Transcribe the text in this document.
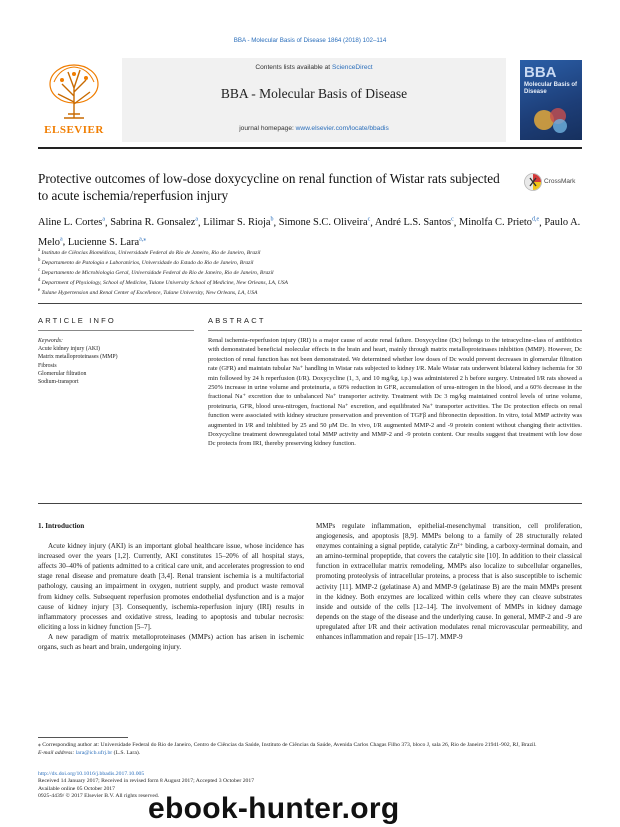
BBA - Molecular Basis of Disease 1864 (2018) 102–114
ELSEVIER
Contents lists available at ScienceDirect
BBA - Molecular Basis of Disease
journal homepage: www.elsevier.com/locate/bbadis
BBA
Molecular Basis of Disease
Protective outcomes of low-dose doxycycline on renal function of Wistar rats subjected to acute ischemia/reperfusion injury
CrossMark
Aline L. Cortes$^a$, Sabrina R. Gonsalez$^a$, Lilimar S. Rioja$^b$, Simone S.C. Oliveira$^c$, André L.S. Santos$^c$, Minolfa C. Prieto$^{d,e}$, Paulo A. Melo$^a$, Lucienne S. Lara$^{a,⁎}$
$^a$ Instituto de Ciências Biomédicas, Universidade Federal do Rio de Janeiro, Rio de Janeiro, Brazil
$^b$ Departamento de Patologia e Laboratórios, Universidade do Estado do Rio de Janeiro, Brazil
$^c$ Departamento de Microbiologia Geral, Universidade Federal do Rio de Janeiro, Rio de Janeiro, Brazil
$^d$ Department of Physiology, School of Medicine, Tulane University School of Medicine, New Orleans, LA, USA
$^e$ Tulane Hypertension and Renal Center of Excellence, Tulane University, New Orleans, LA, USA
ARTICLE INFO	ABSTRACT
Keywords:
Acute kidney injury (AKI)
Matrix metalloproteinases (MMP)
Fibrosis
Glomerular filtration
Sodium-transport
Renal ischemia-reperfusion injury (IRI) is a major cause of acute renal failure. Doxycycline (Dc) belongs to the tetracycline-class of antibiotics with demonstrated beneficial molecular effects in the brain and heart, mainly through matrix metalloproteinases inhibition (MMP). However, Dc protection of renal function has not been demonstrated. We determined whether low doses of Dc would prevent decreases in glomerular filtration rate (GFR) and maintain tubular Na⁺ handling in Wistar rats subjected to kidney I/R. Male Wistar rats underwent bilateral kidney ischemia for 30 min followed by 24 h reperfusion (I/R). Doxycycline (1, 3, and 10 mg/kg, i.p.) was administered 2 h before surgery. Untreated I/R rats showed a 250% increase in urine volume and proteinuria, a 60% reduction in GFR, accumulation of urea-nitrogen in the blood, and a 60% decrease in the fractional Na⁺ excretion due to unbalanced Na⁺ transporter activity. Treatment with Dc 3 mg/kg maintained control levels of urine volume, proteinuria, GFR, blood urea-nitrogen, fractional Na⁺ excretion, and equilibrated Na⁺ transporter activities. The Dc protection effects on renal function were associated with kidney structure preservation and prevention of TGFβ and fibronectin deposition. In vitro, total MMP activity was augmented in I/R and inhibited by 25 and 50 μM Dc. In vivo, I/R augmented MMP-2 and -9 protein content without changing their activities. Doxycycline treatment downregulated total MMP activity and MMP-2 and -9 protein content. Our results suggest that treatment with low dose Dc protects from IRI, thereby preserving kidney function.
1. Introduction

Acute kidney injury (AKI) is an important global healthcare issue, whose incidence has increased over the years [1,2]. Currently, AKI constitutes 15–20% of all hospital stays, affects 30–40% of patients admitted to a critical care unit, and accelerates progression to end stage renal disease and premature death [3,4]. Renal transient ischemia is a multifactorial pathology, causing an impairment in oxygen, nutrient supply, and product waste removal from kidney cells. Subsequent reperfusion promotes endothelial dysfunction and is a major cause of kidney injury [3]. Consequently, ischemia-reperfusion injury (IRI) results in inflammatory processes and oxidative stress, leading to apoptosis and tubular necrosis: eliciting a loss in kidney function [5–7].

A new paradigm of matrix metalloproteinases (MMPs) action has arisen in ischemic organs, such as heart and brain, undergoing injury.

MMPs regulate inflammation, epithelial-mesenchymal transition, cell proliferation, angiogenesis, and apoptosis [8,9]. MMPs belong to a family of 28 structurally related enzymes containing a signal peptide, catalytic Zn²⁺ binding, a carboxy-terminal domain, and an amino-terminal propeptide, that covers the catalytic site [10]. In addition to their classical function in extracellular matrix remodeling, MMPs also localize to subcellular organelles, promoting proteolysis of intracellular proteins, a process that is also susceptible to ischemic activity [11]. MMP-2 (gelatinase A) and MMP-9 (gelatinase B) are the main MMPs present in the kidney. Both enzymes are localized within cells where they can cleave substrates inside and outside of the cells [12–14]. The involvement of MMPs in kidney damage depends on the stage of the disease and the underlying cause. In general, MMP-2 and -9 are upregulated after I/R and their activation modulates renal microvascular permeability, and enhances inflammation and repair [15–17]. MMP-9

⁎ Corresponding author at: Universidade Federal do Rio de Janeiro, Centro de Ciências da Saúde, Instituto de Ciências da Saúde, Avenida Carlos Chagas Filho 373, bloco J, sala 26, Rio de Janeiro 21941-902, RJ, Brazil.
E-mail address: lara@icb.ufrj.br (L.S. Lara).
http://dx.doi.org/10.1016/j.bbadis.2017.10.005
Received 14 January 2017; Received in revised form 8 August 2017; Accepted 3 October 2017
Available online 05 October 2017
0925-4439/ © 2017 Elsevier B.V. All rights reserved.
ebook-hunter.org
